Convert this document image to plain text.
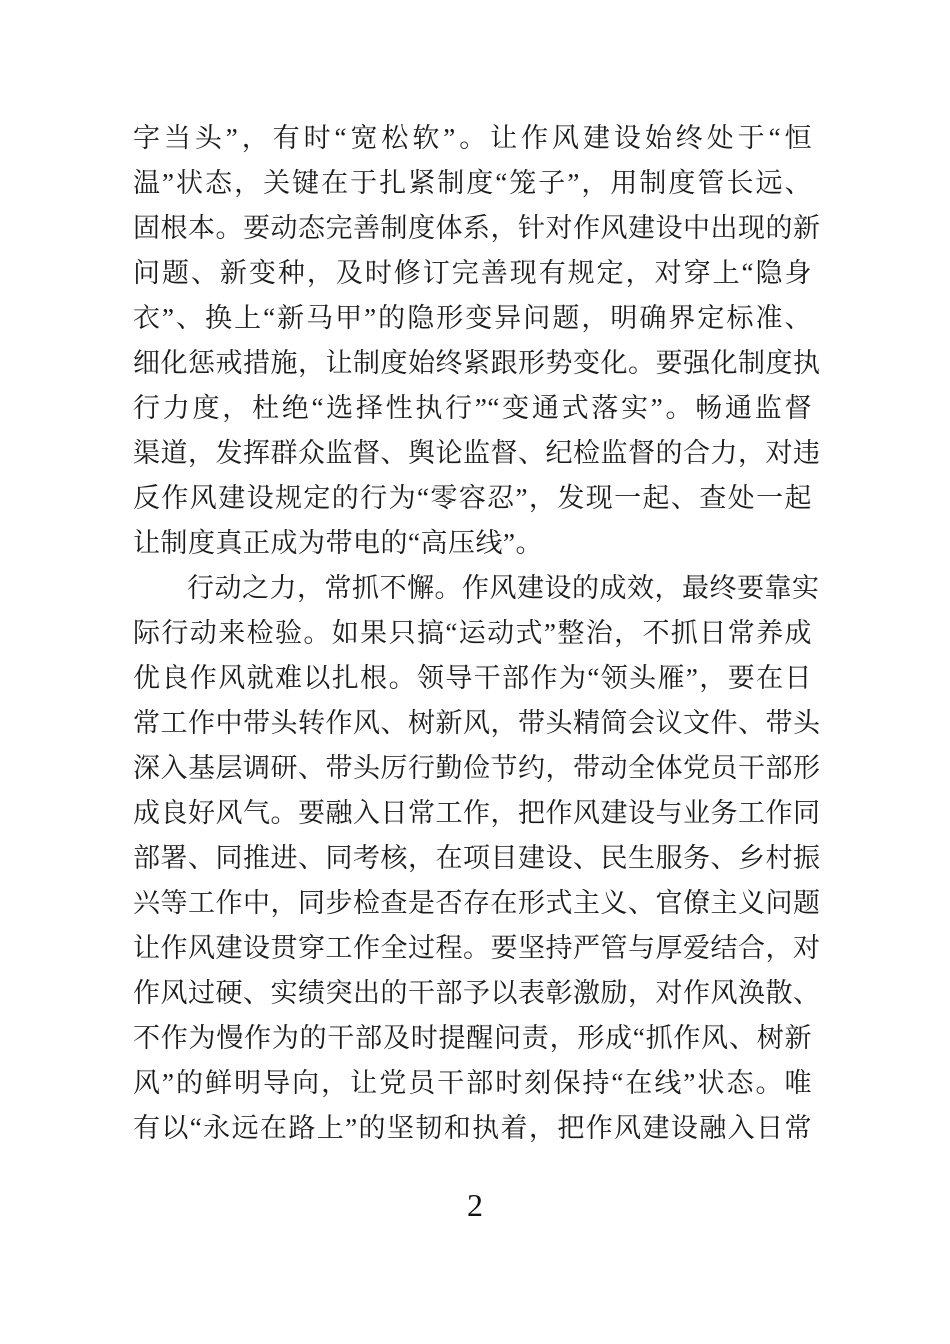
字当头”，有时“宽松软”。让作风建设始终处于“恒
温”状态，关键在于扎紧制度“笼子”，用制度管长远、
固根本。要动态完善制度体系，针对作风建设中出现的新
问题、新变种，及时修订完善现有规定，对穿上“隐身
衣”、换上“新马甲”的隐形变异问题，明确界定标准、
细化惩戒措施，让制度始终紧跟形势变化。要强化制度执
行力度，杜绝“选择性执行”“变通式落实”。畅通监督
渠道，发挥群众监督、舆论监督、纪检监督的合力，对违
反作风建设规定的行为“零容忍”，发现一起、查处一起
让制度真正成为带电的“高压线”。
行动之力，常抓不懈。作风建设的成效，最终要靠实
际行动来检验。如果只搞“运动式”整治，不抓日常养成
优良作风就难以扎根。领导干部作为“领头雁”，要在日
常工作中带头转作风、树新风，带头精简会议文件、带头
深入基层调研、带头厉行勤俭节约，带动全体党员干部形
成良好风气。要融入日常工作，把作风建设与业务工作同
部署、同推进、同考核，在项目建设、民生服务、乡村振
兴等工作中，同步检查是否存在形式主义、官僚主义问题
让作风建设贯穿工作全过程。要坚持严管与厚爱结合，对
作风过硬、实绩突出的干部予以表彰激励，对作风涣散、
不作为慢作为的干部及时提醒问责，形成“抓作风、树新
风”的鲜明导向，让党员干部时刻保持“在线”状态。唯
有以“永远在路上”的坚韧和执着，把作风建设融入日常
2
